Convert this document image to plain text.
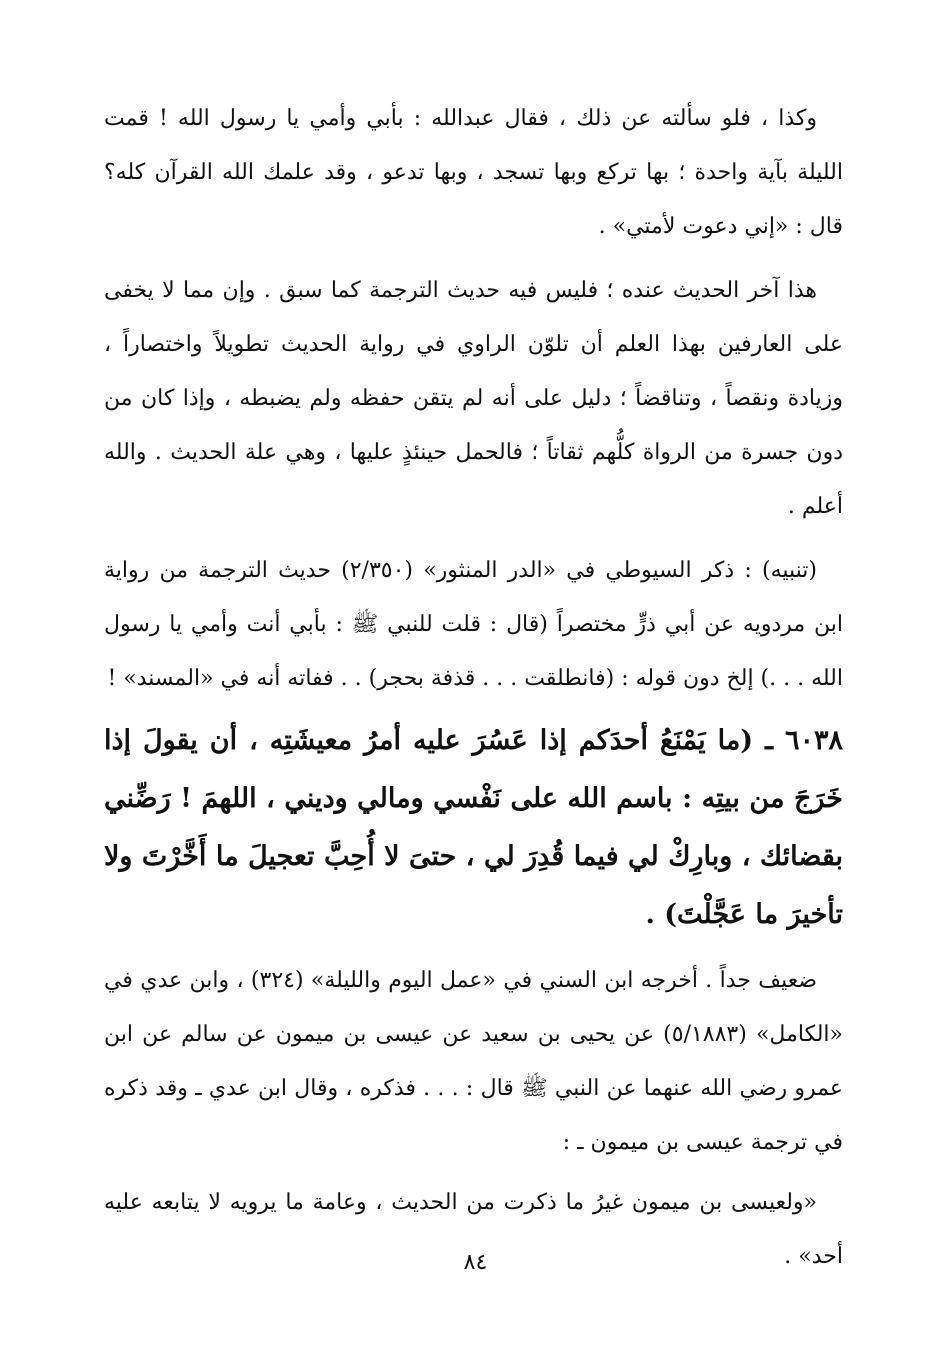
وكذا ، فلو سألته عن ذلك ، فقال عبدالله : بأبي وأمي يا رسول الله ! قمت الليلة بآية واحدة ؛ بها تركع وبها تسجد ، وبها تدعو ، وقد علمك الله القرآن كله؟ قال : «إني دعوت لأمتي» .

هذا آخر الحديث عنده ؛ فليس فيه حديث الترجمة كما سبق . وإن مما لا يخفى على العارفين بهذا العلم أن تلوّن الراوي في رواية الحديث تطويلاً واختصاراً ، وزيادة ونقصاً ، وتناقضاً ؛ دليل على أنه لم يتقن حفظه ولم يضبطه ، وإذا كان من دون جسرة من الرواة كلُّهم ثقاتاً ؛ فالحمل حينئذٍ عليها ، وهي علة الحديث . والله أعلم .

(تنبيه) : ذكر السيوطي في «الدر المنثور» (٢/٣٥٠) حديث الترجمة من رواية ابن مردويه عن أبي ذرٍّ مختصراً (قال : قلت للنبي ﷺ : بأبي أنت وأمي يا رسول الله . . .) إلخ دون قوله : (فانطلقت . . . قذفة بحجر) . . ففاته أنه في «المسند» !

٦٠٣٨ ـ (ما يَمْنَعُ أحدَكم إذا عَسُرَ عليه أمرُ معيشَتِه ، أن يقولَ إذا خَرَجَ من بيتِه : باسم الله على نَفْسي ومالي وديني ، اللهمَ ! رَضِّني بقضائك ، وبارِكْ لي فيما قُدِرَ لي ، حتىَ لا أُحِبَّ تعجيلَ ما أَخَّرْتَ ولا تأخيرَ ما عَجَّلْتَ) .

ضعيف جداً . أخرجه ابن السني في «عمل اليوم والليلة» (٣٢٤) ، وابن عدي في «الكامل» (٥/١٨٨٣) عن يحيى بن سعيد عن عيسى بن ميمون عن سالم عن ابن عمرو رضي الله عنهما عن النبي ﷺ قال : . . . فذكره ، وقال ابن عدي ـ وقد ذكره في ترجمة عيسى بن ميمون ـ :

«ولعيسى بن ميمون غيرُ ما ذكرت من الحديث ، وعامة ما يرويه لا يتابعه عليه أحد» .

٨٤
